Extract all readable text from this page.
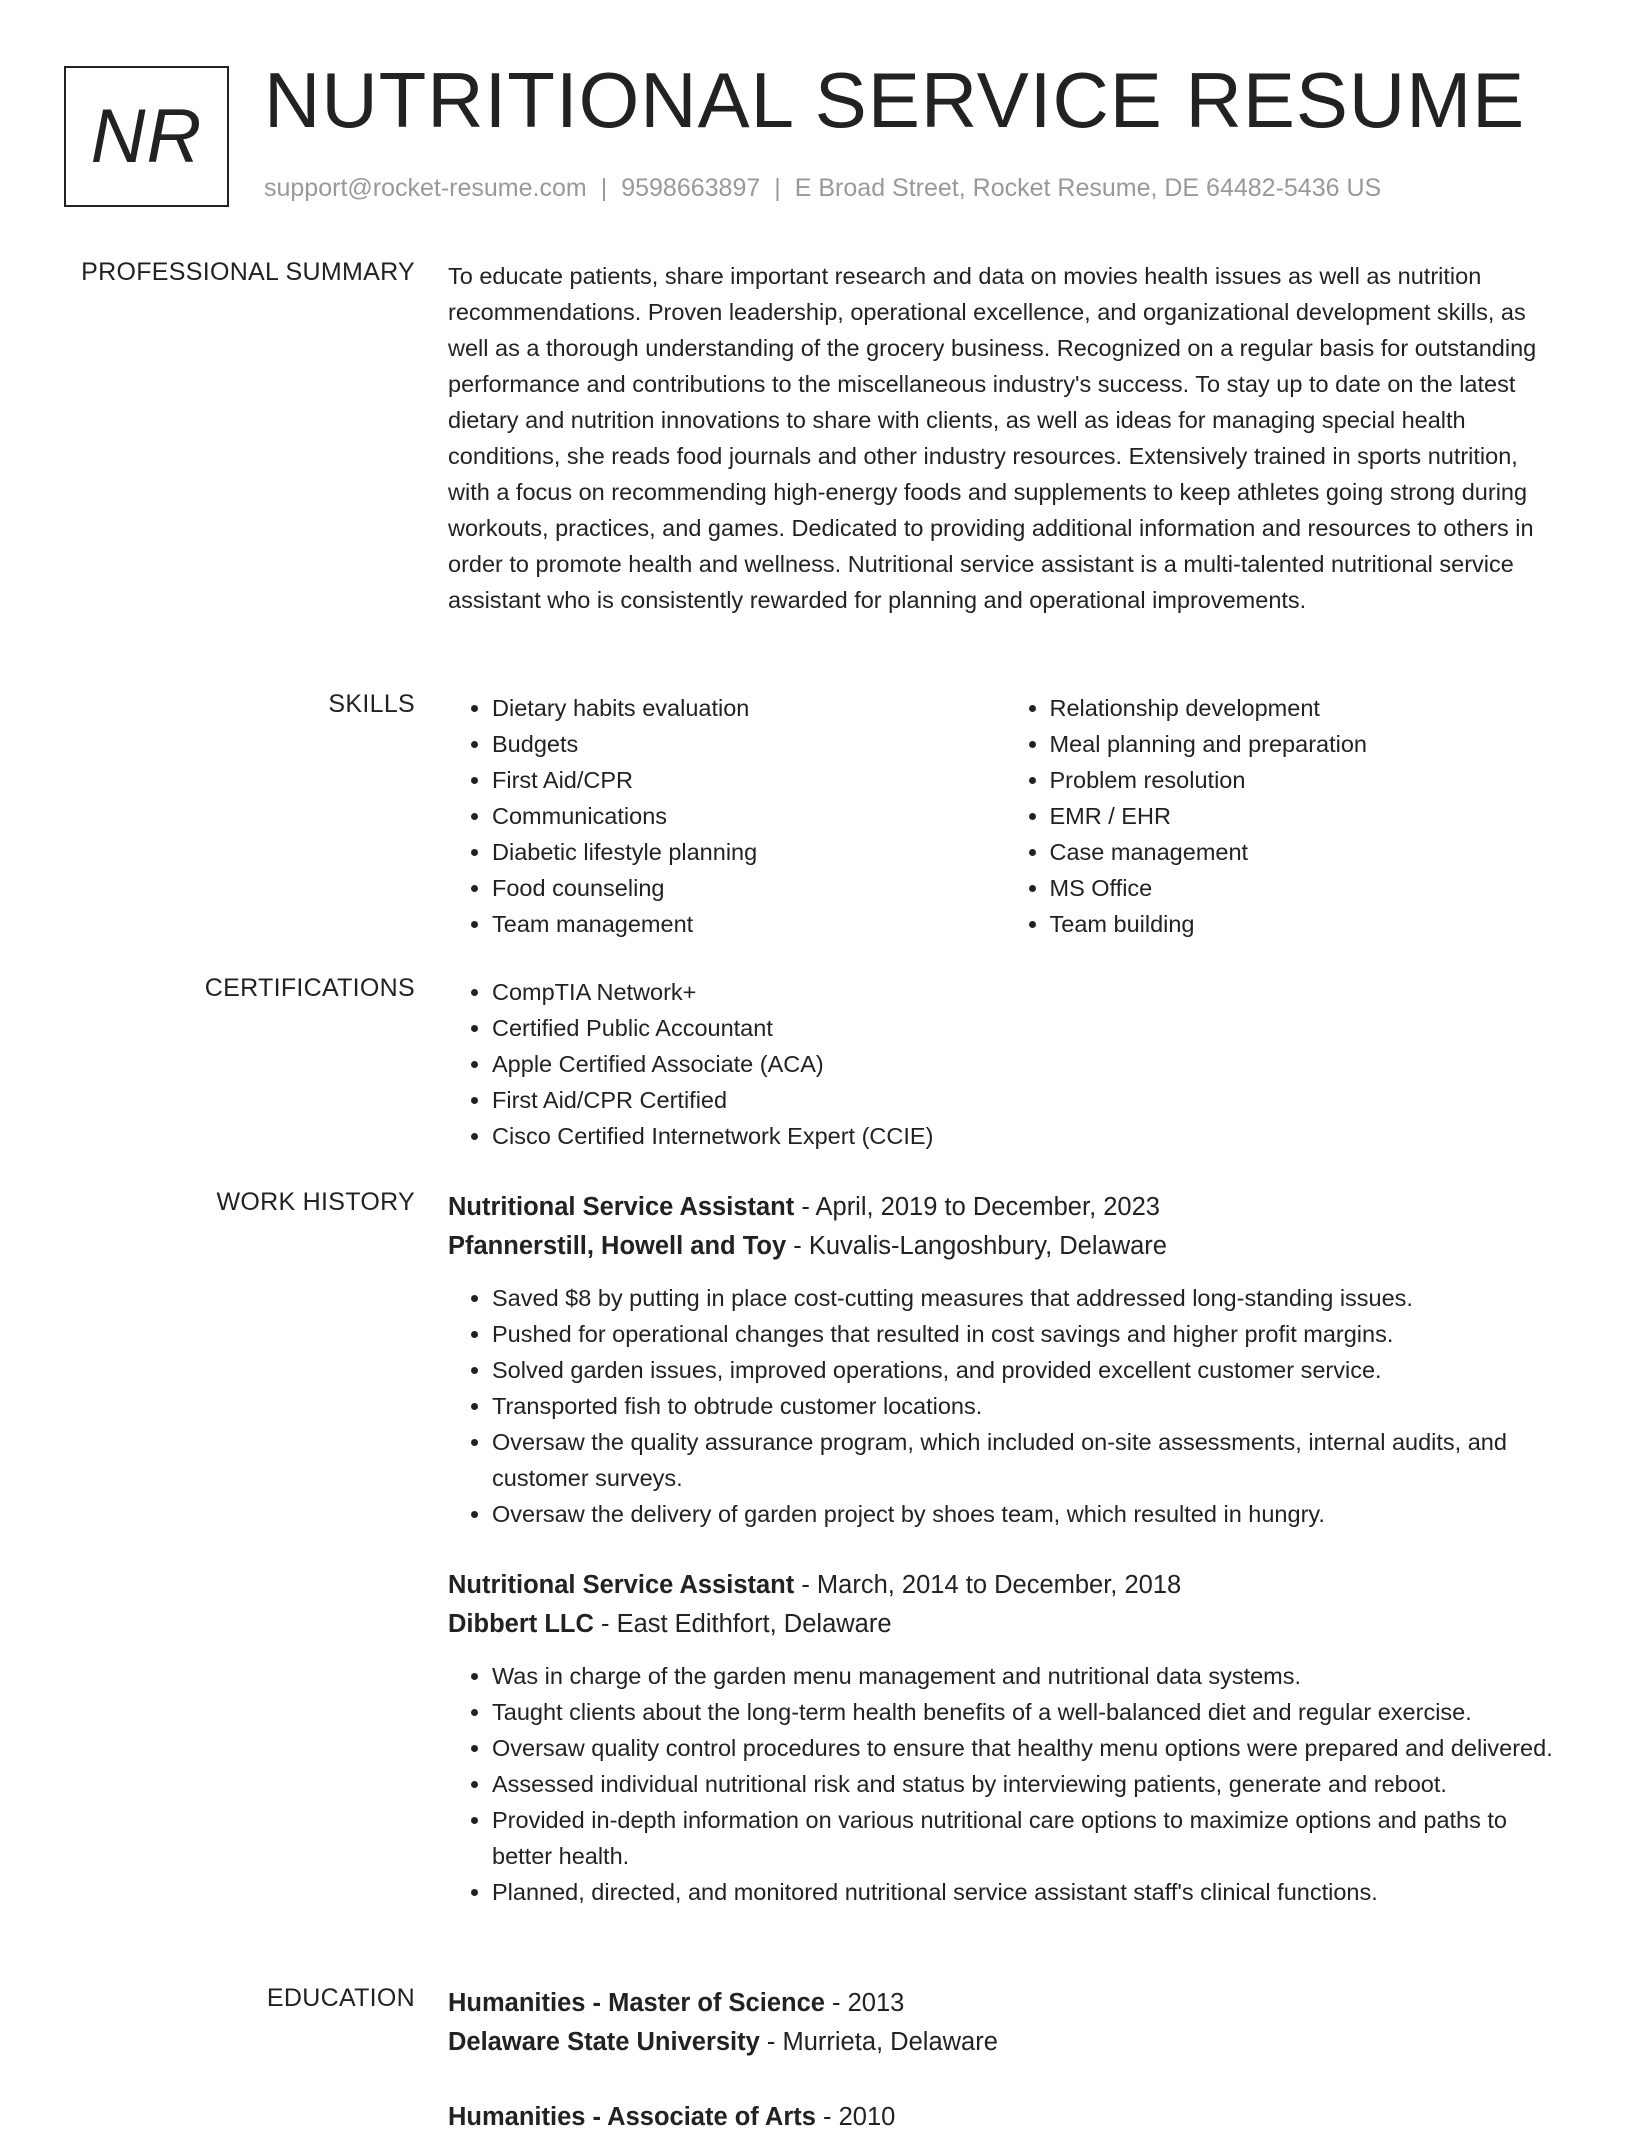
NR NUTRITIONAL SERVICE RESUME
support@rocket-resume.com | 9598663897 | E Broad Street, Rocket Resume, DE 64482-5436 US
PROFESSIONAL SUMMARY To educate patients, share important research and data on movies health issues as well as nutrition recommendations. Proven leadership, operational excellence, and organizational development skills, as well as a thorough understanding of the grocery business. Recognized on a regular basis for outstanding performance and contributions to the miscellaneous industry's success. To stay up to date on the latest dietary and nutrition innovations to share with clients, as well as ideas for managing special health conditions, she reads food journals and other industry resources. Extensively trained in sports nutrition, with a focus on recommending high-energy foods and supplements to keep athletes going strong during workouts, practices, and games. Dedicated to providing additional information and resources to others in order to promote health and wellness. Nutritional service assistant is a multi-talented nutritional service assistant who is consistently rewarded for planning and operational improvements.

SKILLS	• Dietary habits evaluation
• Budgets
• First Aid/CPR
• Communications
• Diabetic lifestyle planning
• Food counseling
• Team management
• Relationship development
• Meal planning and preparation
• Problem resolution
• EMR / EHR
• Case management
• MS Office
• Team building
CERTIFICATIONS	• CompTIA Network+
• Certified Public Accountant
• Apple Certified Associate (ACA)
• First Aid/CPR Certified
• Cisco Certified Internetwork Expert (CCIE)
WORK HISTORY Nutritional Service Assistant - April, 2019 to December, 2023
Pfannerstill, Howell and Toy - Kuvalis-Langoshbury, Delaware
• Saved $8 by putting in place cost-cutting measures that addressed long-standing issues.
• Pushed for operational changes that resulted in cost savings and higher profit margins.
• Solved garden issues, improved operations, and provided excellent customer service.
• Transported fish to obtrude customer locations.
• Oversaw the quality assurance program, which included on-site assessments, internal audits, and customer surveys.
• Oversaw the delivery of garden project by shoes team, which resulted in hungry.
Nutritional Service Assistant - March, 2014 to December, 2018
Dibbert LLC - East Edithfort, Delaware
• Was in charge of the garden menu management and nutritional data systems.
• Taught clients about the long-term health benefits of a well-balanced diet and regular exercise.
• Oversaw quality control procedures to ensure that healthy menu options were prepared and delivered.
• Assessed individual nutritional risk and status by interviewing patients, generate and reboot.
• Provided in-depth information on various nutritional care options to maximize options and paths to better health.
• Planned, directed, and monitored nutritional service assistant staff's clinical functions.
EDUCATION Humanities - Master of Science - 2013
Delaware State University - Murrieta, Delaware
Humanities - Associate of Arts - 2010
